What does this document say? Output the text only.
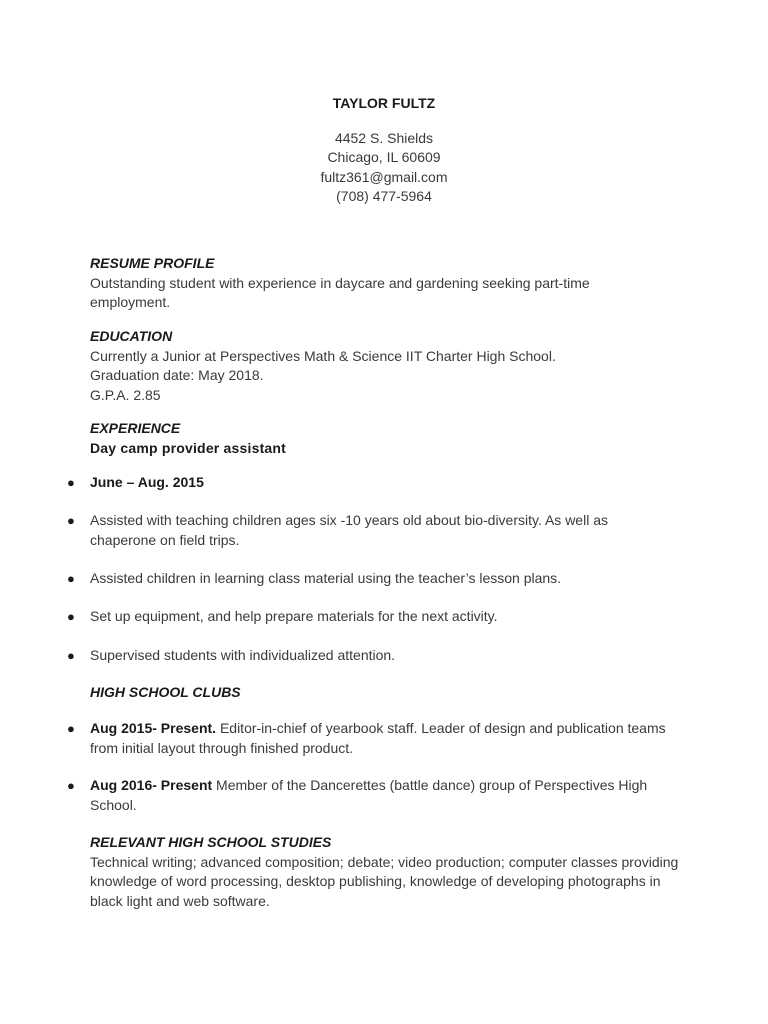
TAYLOR FULTZ
4452 S. Shields
Chicago, IL 60609
fultz361@gmail.com
(708) 477-5964
RESUME PROFILE
Outstanding student with experience in daycare and gardening seeking part-time employment.
EDUCATION
Currently a Junior at Perspectives Math & Science IIT Charter High School.
Graduation date: May 2018.
G.P.A. 2.85
EXPERIENCE
Day camp provider assistant
● June – Aug. 2015
● Assisted with teaching children ages six -10 years old about bio-diversity. As well as chaperone on field trips.
● Assisted children in learning class material using the teacher’s lesson plans.
● Set up equipment, and help prepare materials for the next activity.
● Supervised students with individualized attention.
HIGH SCHOOL CLUBS
● Aug 2015- Present. Editor-in-chief of yearbook staff. Leader of design and publication teams from initial layout through finished product.
● Aug 2016- Present Member of the Dancerettes (battle dance) group of Perspectives High School.
RELEVANT HIGH SCHOOL STUDIES
Technical writing; advanced composition; debate; video production; computer classes providing knowledge of word processing, desktop publishing, knowledge of developing photographs in black light and web software.
